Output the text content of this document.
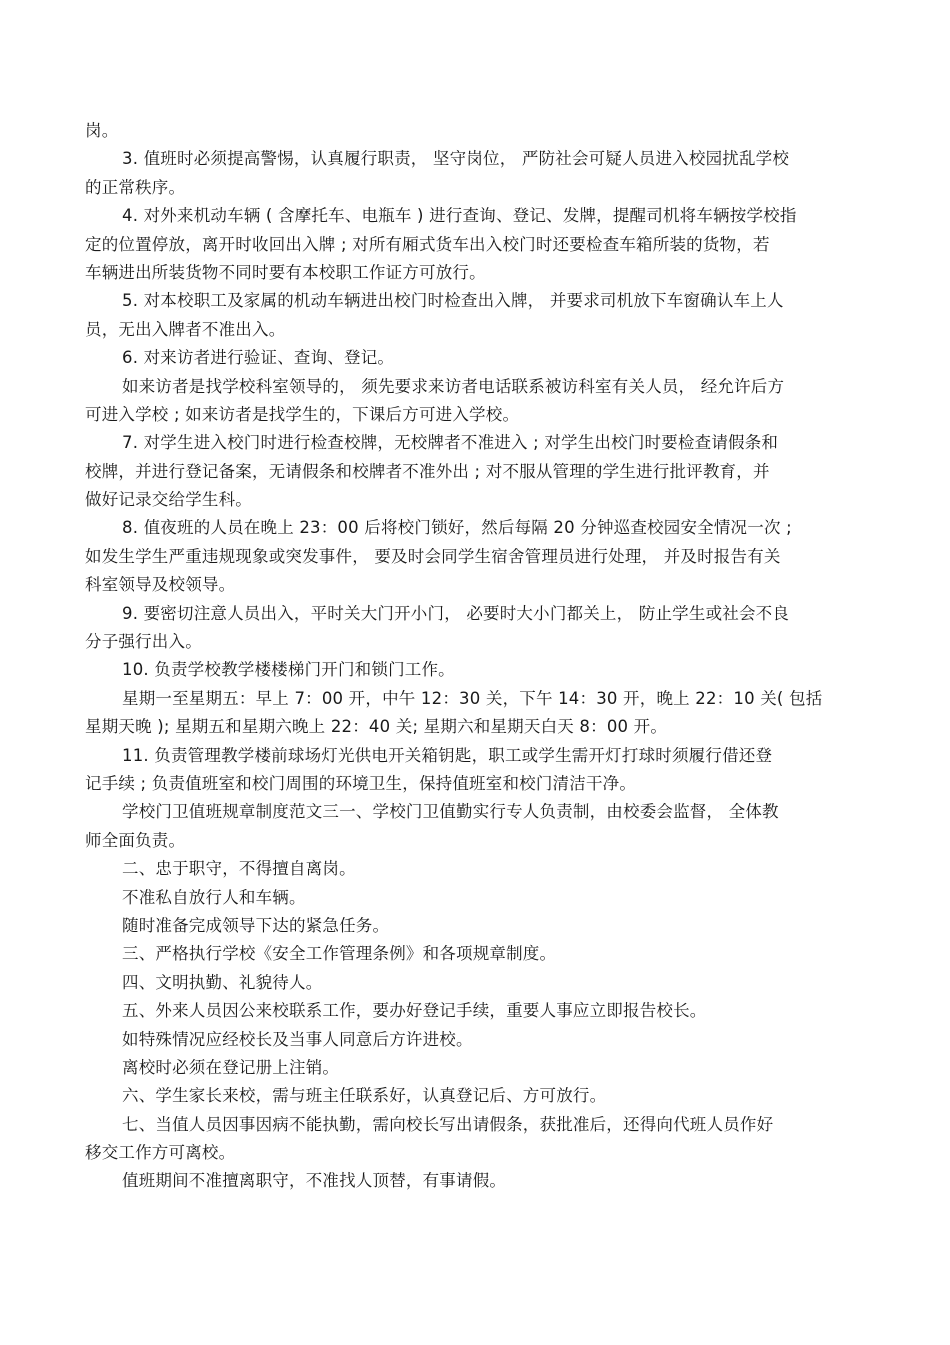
岗。
3. 值班时必须提高警惕，认真履行职责， 坚守岗位， 严防社会可疑人员进入校园扰乱学校
的正常秩序。
4. 对外来机动车辆 ( 含摩托车、电瓶车 ) 进行查询、登记、发牌，提醒司机将车辆按学校指
定的位置停放，离开时收回出入牌 ; 对所有厢式货车出入校门时还要检查车箱所装的货物，若
车辆进出所装货物不同时要有本校职工作证方可放行。
5. 对本校职工及家属的机动车辆进出校门时检查出入牌， 并要求司机放下车窗确认车上人
员，无出入牌者不准出入。
6. 对来访者进行验证、查询、登记。
如来访者是找学校科室领导的， 须先要求来访者电话联系被访科室有关人员， 经允许后方
可进入学校 ; 如来访者是找学生的，下课后方可进入学校。
7. 对学生进入校门时进行检查校牌，无校牌者不准进入 ; 对学生出校门时要检查请假条和
校牌，并进行登记备案，无请假条和校牌者不准外出 ; 对不服从管理的学生进行批评教育，并
做好记录交给学生科。
8. 值夜班的人员在晚上 23：00 后将校门锁好，然后每隔 20 分钟巡查校园安全情况一次 ;
如发生学生严重违规现象或突发事件， 要及时会同学生宿舍管理员进行处理， 并及时报告有关
科室领导及校领导。
9. 要密切注意人员出入，平时关大门开小门， 必要时大小门都关上， 防止学生或社会不良
分子强行出入。
10. 负责学校教学楼楼梯门开门和锁门工作。
星期一至星期五：早上 7：00 开，中午 12：30 关，下午 14：30 开，晚上 22：10 关( 包括
星期天晚 ); 星期五和星期六晚上 22：40 关; 星期六和星期天白天 8：00 开。
11. 负责管理教学楼前球场灯光供电开关箱钥匙，职工或学生需开灯打球时须履行借还登
记手续 ; 负责值班室和校门周围的环境卫生，保持值班室和校门清洁干净。
学校门卫值班规章制度范文三一、学校门卫值勤实行专人负责制，由校委会监督， 全体教
师全面负责。
二、忠于职守，不得擅自离岗。
不准私自放行人和车辆。
随时准备完成领导下达的紧急任务。
三、严格执行学校《安全工作管理条例》和各项规章制度。
四、文明执勤、礼貌待人。
五、外来人员因公来校联系工作，要办好登记手续，重要人事应立即报告校长。
如特殊情况应经校长及当事人同意后方许进校。
离校时必须在登记册上注销。
六、学生家长来校，需与班主任联系好，认真登记后、方可放行。
七、当值人员因事因病不能执勤，需向校长写出请假条，获批准后，还得向代班人员作好
移交工作方可离校。
值班期间不准擅离职守，不准找人顶替，有事请假。
